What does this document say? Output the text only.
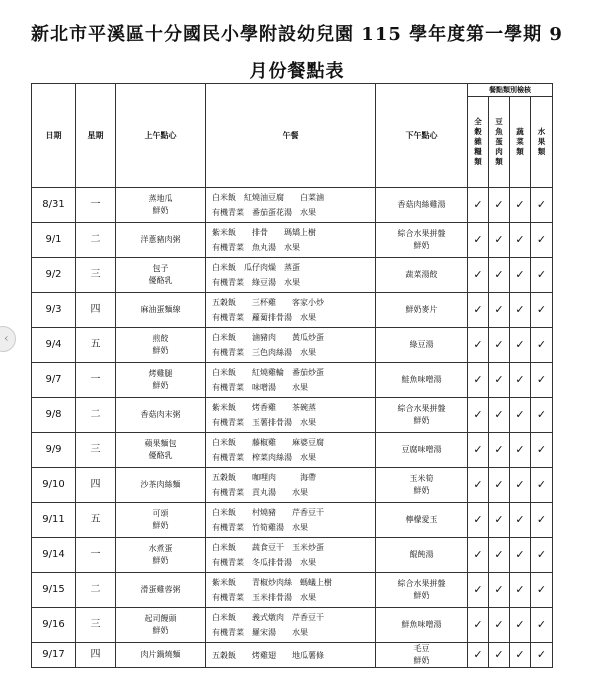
‹
新北市平溪區十分國民小學附設幼兒園 115 學年度第一學期 9
月份餐點表
日期	星期	上午點心	午餐	下午點心	餐點類別檢核			

					全
穀
雜
糧
類	豆
魚
蛋
肉
類	蔬
菜
類	水
果
類

8/31	一	蒸地瓜
鮮奶	白米飯　紅燒油豆腐　　白菜滷
有機青菜　番茄蛋花湯　水果	香菇肉絲雞湯	✓	✓	✓	✓
9/1	二	洋蔥豬肉粥	紫米飯　　排骨　　瑪矯上樹
有機青菜　魚丸湯　水果	綜合水果拼盤
鮮奶	✓	✓	✓	✓
9/2	三	包子
優酪乳	白米飯　瓜仔肉燥　蒸蛋
有機青菜　綠豆湯　水果	蔬菜湯餃	✓	✓	✓	✓
9/3	四	麻油蛋麵線	五穀飯　　三杯雞　　客家小炒
有機青菜　蘿蔔排骨湯　水果	鮮奶麥片	✓	✓	✓	✓
9/4	五	煎餃
鮮奶	白米飯　　滷豬肉　　黃瓜炒蛋
有機青菜　三色肉絲湯　水果	綠豆湯	✓	✓	✓	✓
9/7	一	烤雞腿
鮮奶	白米飯　　紅燒雞輪　番茄炒蛋
有機青菜　味噌湯　　水果	鮭魚味噌湯	✓	✓	✓	✓
9/8	二	香菇肉末粥	紫米飯　　烤香雞　　茶碗蒸
有機青菜　玉薯排骨湯　水果	綜合水果拼盤
鮮奶	✓	✓	✓	✓
9/9	三	蘋果麵包
優酪乳	白米飯　　藤椒雞　　麻婆豆腐
有機青菜　榨菜肉絲湯　水果	豆腐味噌湯	✓	✓	✓	✓
9/10	四	沙茶肉絲麵	五穀飯　　咖哩肉　　　海帶
有機青菜　貢丸湯　　水果	玉米筍
鮮奶	✓	✓	✓	✓
9/11	五	可頌
鮮奶	白米飯　　村燒豬　　芹香豆干
有機青菜　竹筍雞湯　水果	檸檬愛玉	✓	✓	✓	✓
9/14	一	水煮蛋
鮮奶	白米飯　　蔬食豆干　玉米炒蛋
有機青菜　冬瓜排骨湯　水果	餛飩湯	✓	✓	✓	✓
9/15	二	滑蛋雞蓉粥	紫米飯　　青椒炒肉絲　螞蟻上樹
有機青菜　玉米排骨湯　水果	綜合水果拼盤
鮮奶	✓	✓	✓	✓
9/16	三	起司饅頭
鮮奶	白米飯　　義式燉肉　芹香豆干
有機青菜　羅宋湯　　水果	鮮魚味噌湯	✓	✓	✓	✓
9/17	四	肉片鍋燒麵	五穀飯　　烤雞翅　　地瓜薯條	毛豆
鮮奶	✓	✓	✓	✓
